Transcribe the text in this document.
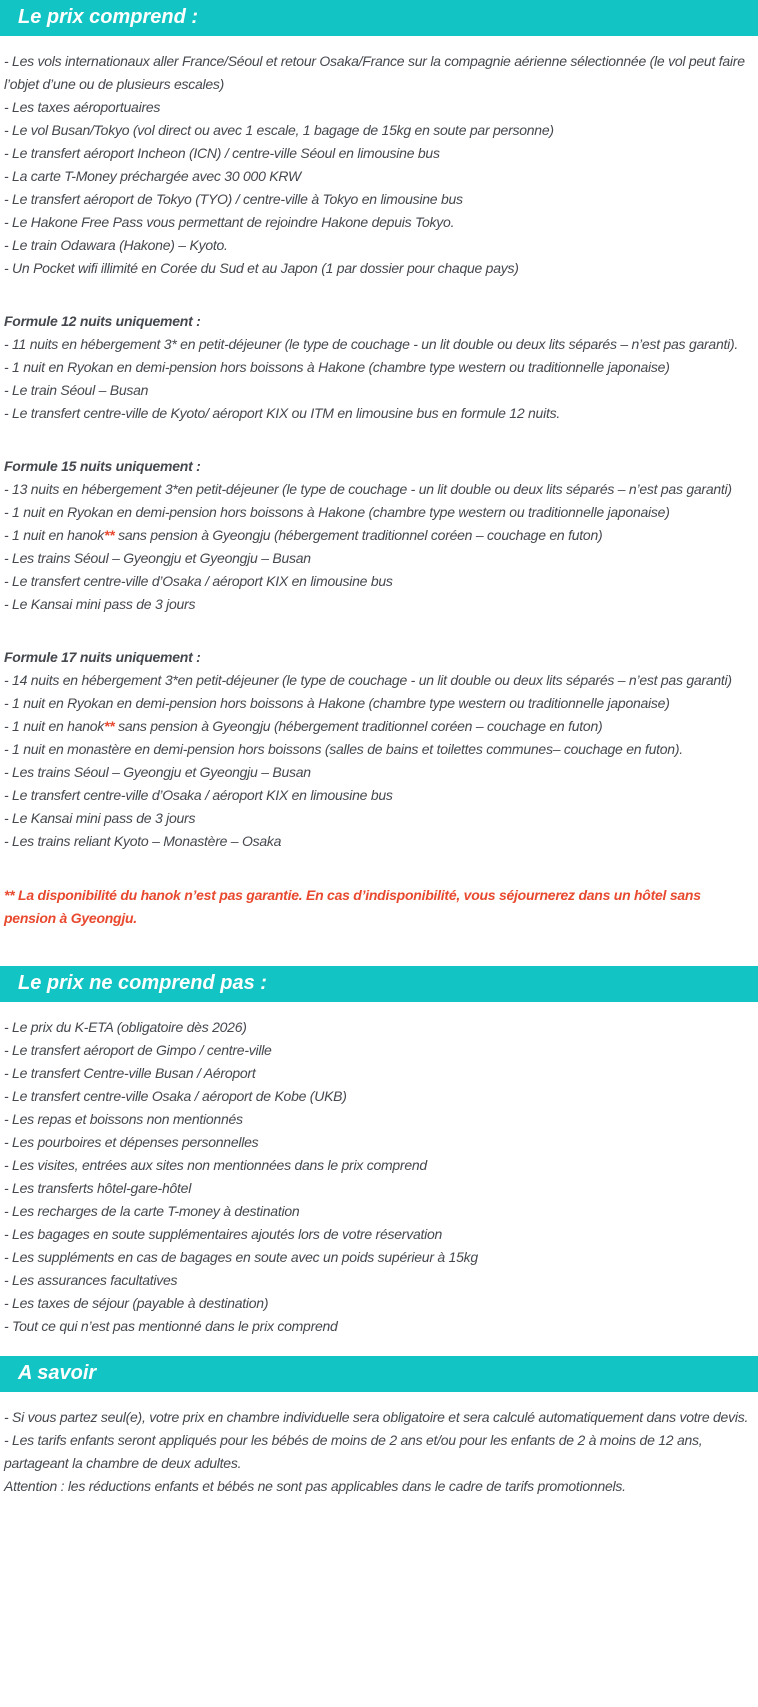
Le prix comprend :

- Les vols internationaux aller France/Séoul et retour Osaka/France sur la compagnie aérienne sélectionnée (le vol peut faire l’objet d’une ou de plusieurs escales)

- Les taxes aéroportuaires

- Le vol Busan/Tokyo (vol direct ou avec 1 escale, 1 bagage de 15kg en soute par personne)

- Le transfert aéroport Incheon (ICN) / centre-ville Séoul en limousine bus

- La carte T-Money préchargée avec 30 000 KRW

- Le transfert aéroport de Tokyo (TYO) / centre-ville à Tokyo en limousine bus

- Le Hakone Free Pass vous permettant de rejoindre Hakone depuis Tokyo.

- Le train Odawara (Hakone) – Kyoto.

- Un Pocket wifi illimité en Corée du Sud et au Japon (1 par dossier pour chaque pays)

Formule 12 nuits uniquement :

- 11 nuits en hébergement 3* en petit-déjeuner (le type de couchage - un lit double ou deux lits séparés – n’est pas garanti).

- 1 nuit en Ryokan en demi-pension hors boissons à Hakone (chambre type western ou traditionnelle japonaise)

- Le train Séoul – Busan

- Le transfert centre-ville de Kyoto/ aéroport KIX ou ITM en limousine bus en formule 12 nuits.

Formule 15 nuits uniquement :

- 13 nuits en hébergement 3*en petit-déjeuner (le type de couchage - un lit double ou deux lits séparés – n’est pas garanti)

- 1 nuit en Ryokan en demi-pension hors boissons à Hakone (chambre type western ou traditionnelle japonaise)

- 1 nuit en hanok** sans pension à Gyeongju (hébergement traditionnel coréen – couchage en futon)

- Les trains Séoul – Gyeongju et Gyeongju – Busan

- Le transfert centre-ville d’Osaka / aéroport KIX en limousine bus

- Le Kansai mini pass de 3 jours

Formule 17 nuits uniquement :

- 14 nuits en hébergement 3*en petit-déjeuner (le type de couchage - un lit double ou deux lits séparés – n’est pas garanti)

- 1 nuit en Ryokan en demi-pension hors boissons à Hakone (chambre type western ou traditionnelle japonaise)

- 1 nuit en hanok** sans pension à Gyeongju (hébergement traditionnel coréen – couchage en futon)

- 1 nuit en monastère en demi-pension hors boissons (salles de bains et toilettes communes– couchage en futon).

- Les trains Séoul – Gyeongju et Gyeongju – Busan

- Le transfert centre-ville d’Osaka / aéroport KIX en limousine bus

- Le Kansai mini pass de 3 jours

- Les trains reliant Kyoto – Monastère – Osaka

** La disponibilité du hanok n’est pas garantie. En cas d’indisponibilité, vous séjournerez dans un hôtel sans pension à Gyeongju.

Le prix ne comprend pas :

- Le prix du K-ETA (obligatoire dès 2026)

- Le transfert aéroport de Gimpo / centre-ville

- Le transfert Centre-ville Busan / Aéroport

- Le transfert centre-ville Osaka / aéroport de Kobe (UKB)

- Les repas et boissons non mentionnés

- Les pourboires et dépenses personnelles

- Les visites, entrées aux sites non mentionnées dans le prix comprend

- Les transferts hôtel-gare-hôtel

- Les recharges de la carte T-money à destination

- Les bagages en soute supplémentaires ajoutés lors de votre réservation

- Les suppléments en cas de bagages en soute avec un poids supérieur à 15kg

- Les assurances facultatives

- Les taxes de séjour (payable à destination)

- Tout ce qui n’est pas mentionné dans le prix comprend

A savoir

- Si vous partez seul(e), votre prix en chambre individuelle sera obligatoire et sera calculé automatiquement dans votre devis.

- Les tarifs enfants seront appliqués pour les bébés de moins de 2 ans et/ou pour les enfants de 2 à moins de 12 ans, partageant la chambre de deux adultes.

Attention : les réductions enfants et bébés ne sont pas applicables dans le cadre de tarifs promotionnels.
